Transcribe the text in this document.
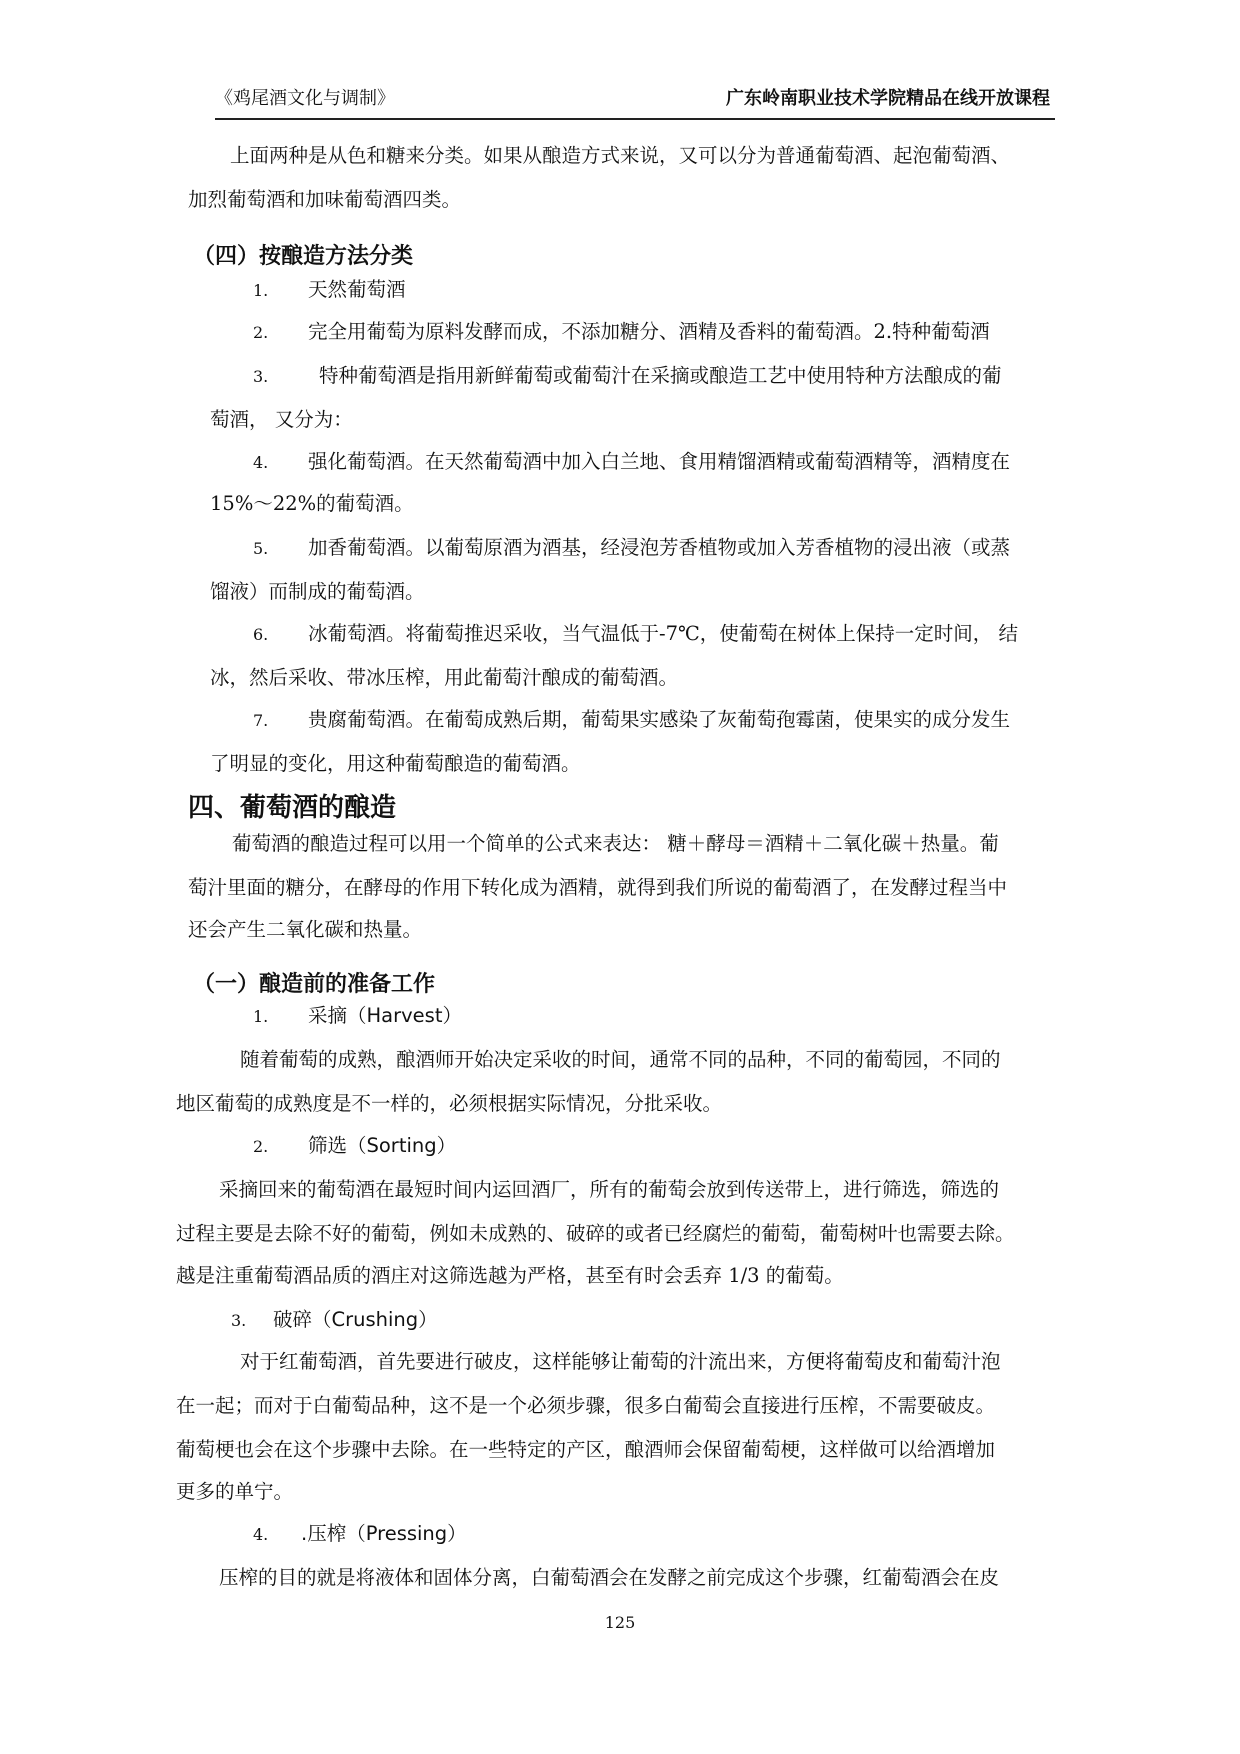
《鸡尾酒文化与调制》	广东岭南职业技术学院精品在线开放课程
上面两种是从色和糖来分类。如果从酿造方式来说，又可以分为普通葡萄酒、起泡葡萄酒、
加烈葡萄酒和加味葡萄酒四类。
（四）按酿造方法分类
1. 天然葡萄酒
2. 完全用葡萄为原料发酵而成，不添加糖分、酒精及香料的葡萄酒。2.特种葡萄酒
3.	特种葡萄酒是指用新鲜葡萄或葡萄汁在采摘或酿造工艺中使用特种方法酿成的葡
萄酒， 又分为：
4. 强化葡萄酒。在天然葡萄酒中加入白兰地、食用精馏酒精或葡萄酒精等，酒精度在
15%～22%的葡萄酒。
5. 加香葡萄酒。以葡萄原酒为酒基，经浸泡芳香植物或加入芳香植物的浸出液（或蒸
馏液）而制成的葡萄酒。
6. 冰葡萄酒。将葡萄推迟采收，当气温低于-7℃，使葡萄在树体上保持一定时间， 结
冰，然后采收、带冰压榨，用此葡萄汁酿成的葡萄酒。
7. 贵腐葡萄酒。在葡萄成熟后期，葡萄果实感染了灰葡萄孢霉菌，使果实的成分发生
了明显的变化，用这种葡萄酿造的葡萄酒。
四、葡萄酒的酿造
葡萄酒的酿造过程可以用一个简单的公式来表达： 糖＋酵母＝酒精＋二氧化碳＋热量。葡
萄汁里面的糖分，在酵母的作用下转化成为酒精，就得到我们所说的葡萄酒了，在发酵过程当中
还会产生二氧化碳和热量。
（一）酿造前的准备工作
1. 采摘（Harvest）
随着葡萄的成熟，酿酒师开始决定采收的时间，通常不同的品种，不同的葡萄园，不同的
地区葡萄的成熟度是不一样的，必须根据实际情况，分批采收。
2. 筛选（Sorting）
采摘回来的葡萄酒在最短时间内运回酒厂，所有的葡萄会放到传送带上，进行筛选，筛选的
过程主要是去除不好的葡萄，例如未成熟的、破碎的或者已经腐烂的葡萄，葡萄树叶也需要去除。
越是注重葡萄酒品质的酒庄对这筛选越为严格，甚至有时会丢弃 1/3 的葡萄。
3. 破碎（Crushing）
对于红葡萄酒，首先要进行破皮，这样能够让葡萄的汁流出来，方便将葡萄皮和葡萄汁泡
在一起；而对于白葡萄品种，这不是一个必须步骤，很多白葡萄会直接进行压榨，不需要破皮。
葡萄梗也会在这个步骤中去除。在一些特定的产区，酿酒师会保留葡萄梗，这样做可以给酒增加
更多的单宁。
4. .压榨（Pressing）
压榨的目的就是将液体和固体分离，白葡萄酒会在发酵之前完成这个步骤，红葡萄酒会在皮
125
